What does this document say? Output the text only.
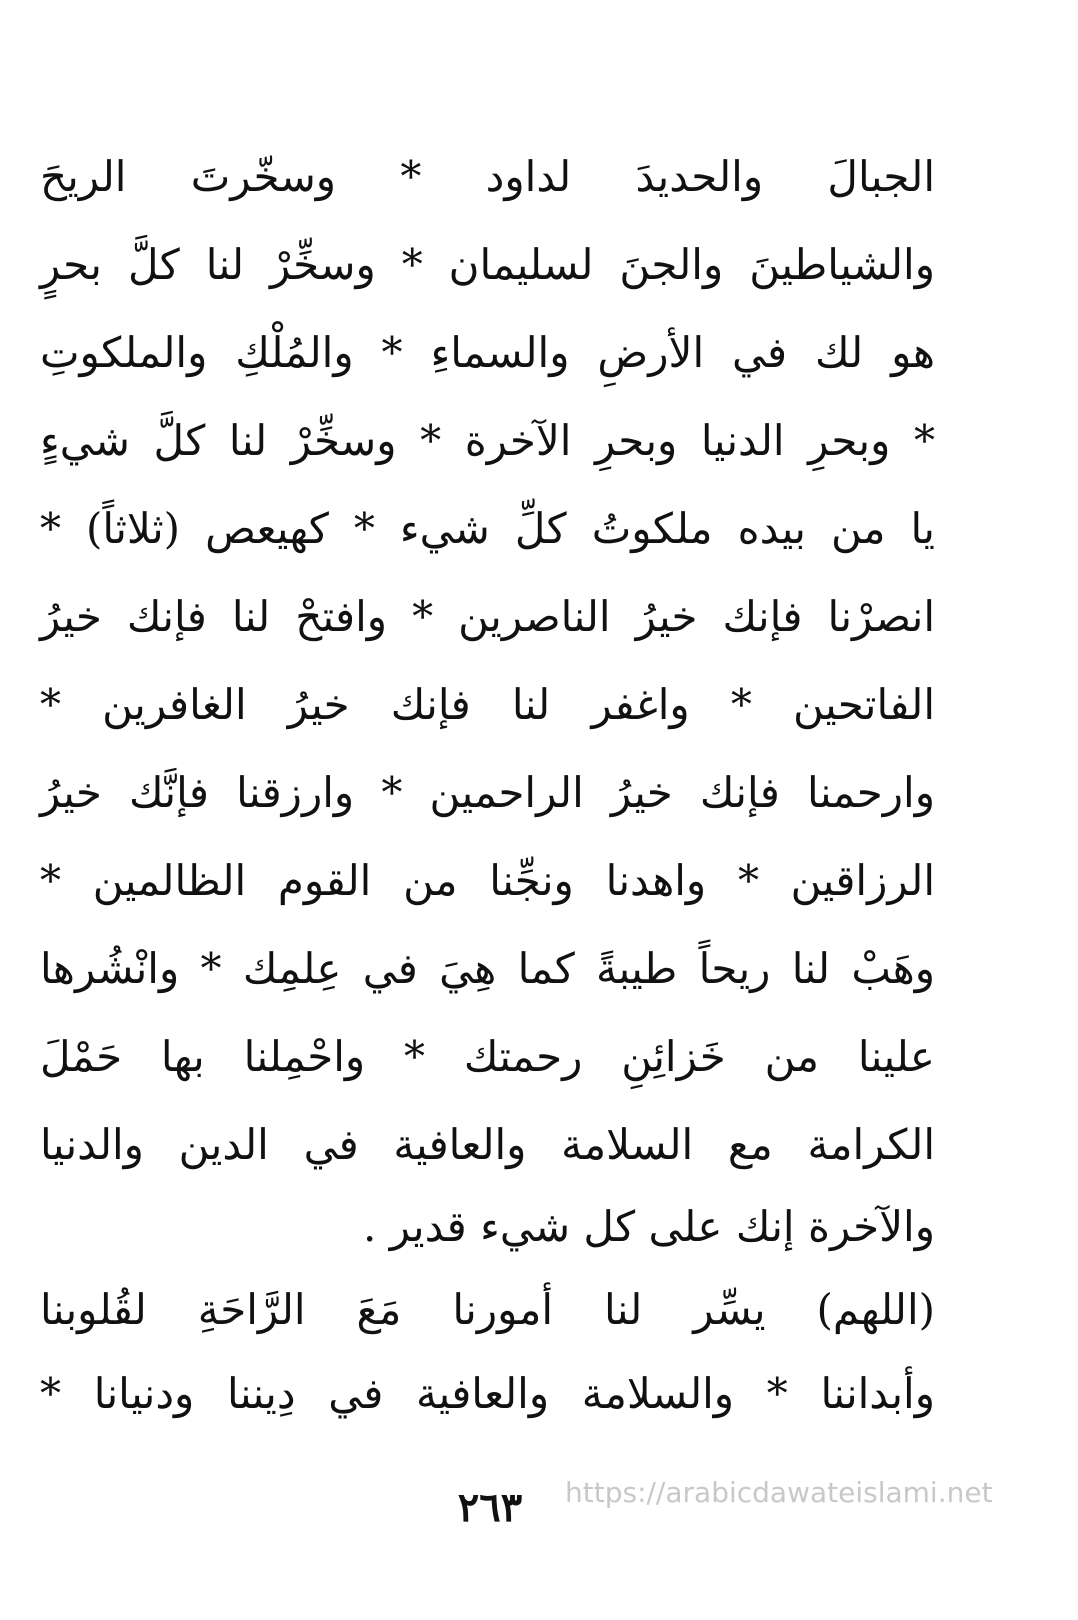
الجبالَ والحديدَ لداود * وسخّرتَ الريحَ
والشياطينَ والجنَ لسليمان * وسخِّرْ لنا كلَّ بحرٍ
هو لك في الأرضِ والسماءِ * والمُلْكِ والملكوتِ
* وبحرِ الدنيا وبحرِ الآخرة * وسخِّرْ لنا كلَّ شيءٍ
يا من بيده ملكوتُ كلِّ شيء * كهيعص (ثلاثاً) *
انصرْنا فإنك خيرُ الناصرين * وافتحْ لنا فإنك خيرُ
الفاتحين * واغفر لنا فإنك خيرُ الغافرين *
وارحمنا فإنك خيرُ الراحمين * وارزقنا فإنَّك خيرُ
الرزاقين * واهدنا ونجِّنا من القوم الظالمين *
وهَبْ لنا ريحاً طيبةً كما هِيَ في عِلمِك * وانْشُرها
علينا من خَزائِنِ رحمتك * واحْمِلنا بها حَمْلَ
الكرامة مع السلامة والعافية في الدين والدنيا
والآخرة إنك على كل شيء قدير .
(اللهم) يسِّر لنا أمورنا مَعَ الرَّاحَةِ لقُلوبنا
وأبداننا * والسلامة والعافية في دِيننا ودنيانا *
https://arabicdawateislami.net
٢٦٣
